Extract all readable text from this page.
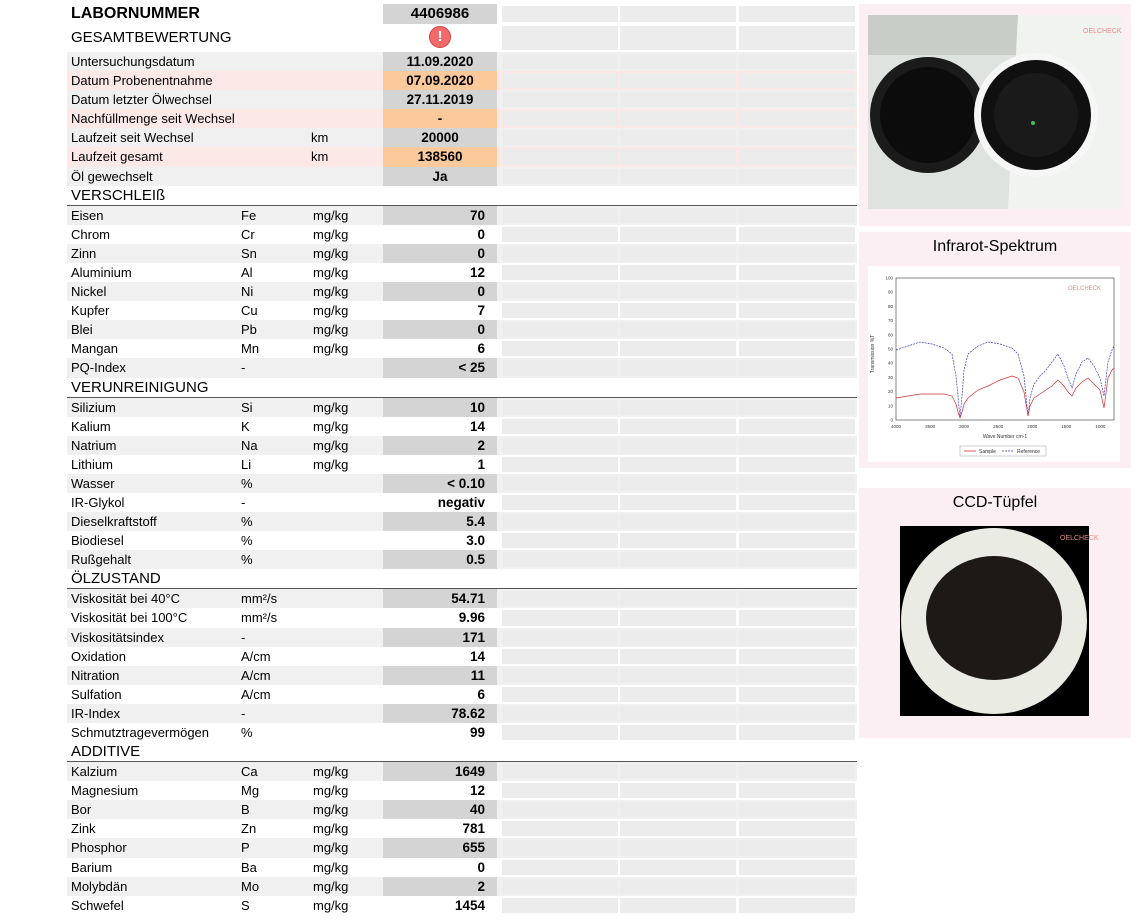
LABORNUMMER	4406986
GESAMTBEWERTUNG	!
Untersuchungsdatum	11.09.2020
Datum Probenentnahme	07.09.2020
Datum letzter Ölwechsel	27.11.2019
Nachfüllmenge seit Wechsel	-
Laufzeit seit Wechsel	km	20000
Laufzeit gesamt	km	138560
Öl gewechselt	Ja
VERSCHLEIß
Eisen	Fe	mg/kg	70
Chrom	Cr	mg/kg	0
Zinn	Sn	mg/kg	0
Aluminium	Al	mg/kg	12
Nickel	Ni	mg/kg	0
Kupfer	Cu	mg/kg	7
Blei	Pb	mg/kg	0
Mangan	Mn	mg/kg	6
PQ-Index	-	< 25
VERUNREINIGUNG
Silizium	Si	mg/kg	10
Kalium	K	mg/kg	14
Natrium	Na	mg/kg	2
Lithium	Li	mg/kg	1
Wasser	%	< 0.10
IR-Glykol	-	negativ
Dieselkraftstoff	%	5.4
Biodiesel	%	3.0
Rußgehalt	%	0.5
ÖLZUSTAND
Viskosität bei 40°C	mm²/s	54.71
Viskosität bei 100°C	mm²/s	9.96
Viskositätsindex	-	171
Oxidation	A/cm	14
Nitration	A/cm	11
Sulfation	A/cm	6
IR-Index	-	78.62
Schmutztragevermögen %	99
ADDITIVE
Kalzium	Ca	mg/kg	1649
Magnesium	Mg	mg/kg	12
Bor	B	mg/kg	40
Zink	Zn	mg/kg	781
Phosphor	P	mg/kg	655
Barium	Ba	mg/kg	0
Molybdän	Mo	mg/kg	2
Schwefel	S	mg/kg	1454
OELCHECK
Infrarot-Spektrum
100
90
80
70
60
50
40
30
20
10
0
4000	3500	3000	2500	2000	1500	1000
Transmission %T
Wave Number cm-1
OELCHECK
Sample	Reference
CCD-Tüpfel
OELCHECK
